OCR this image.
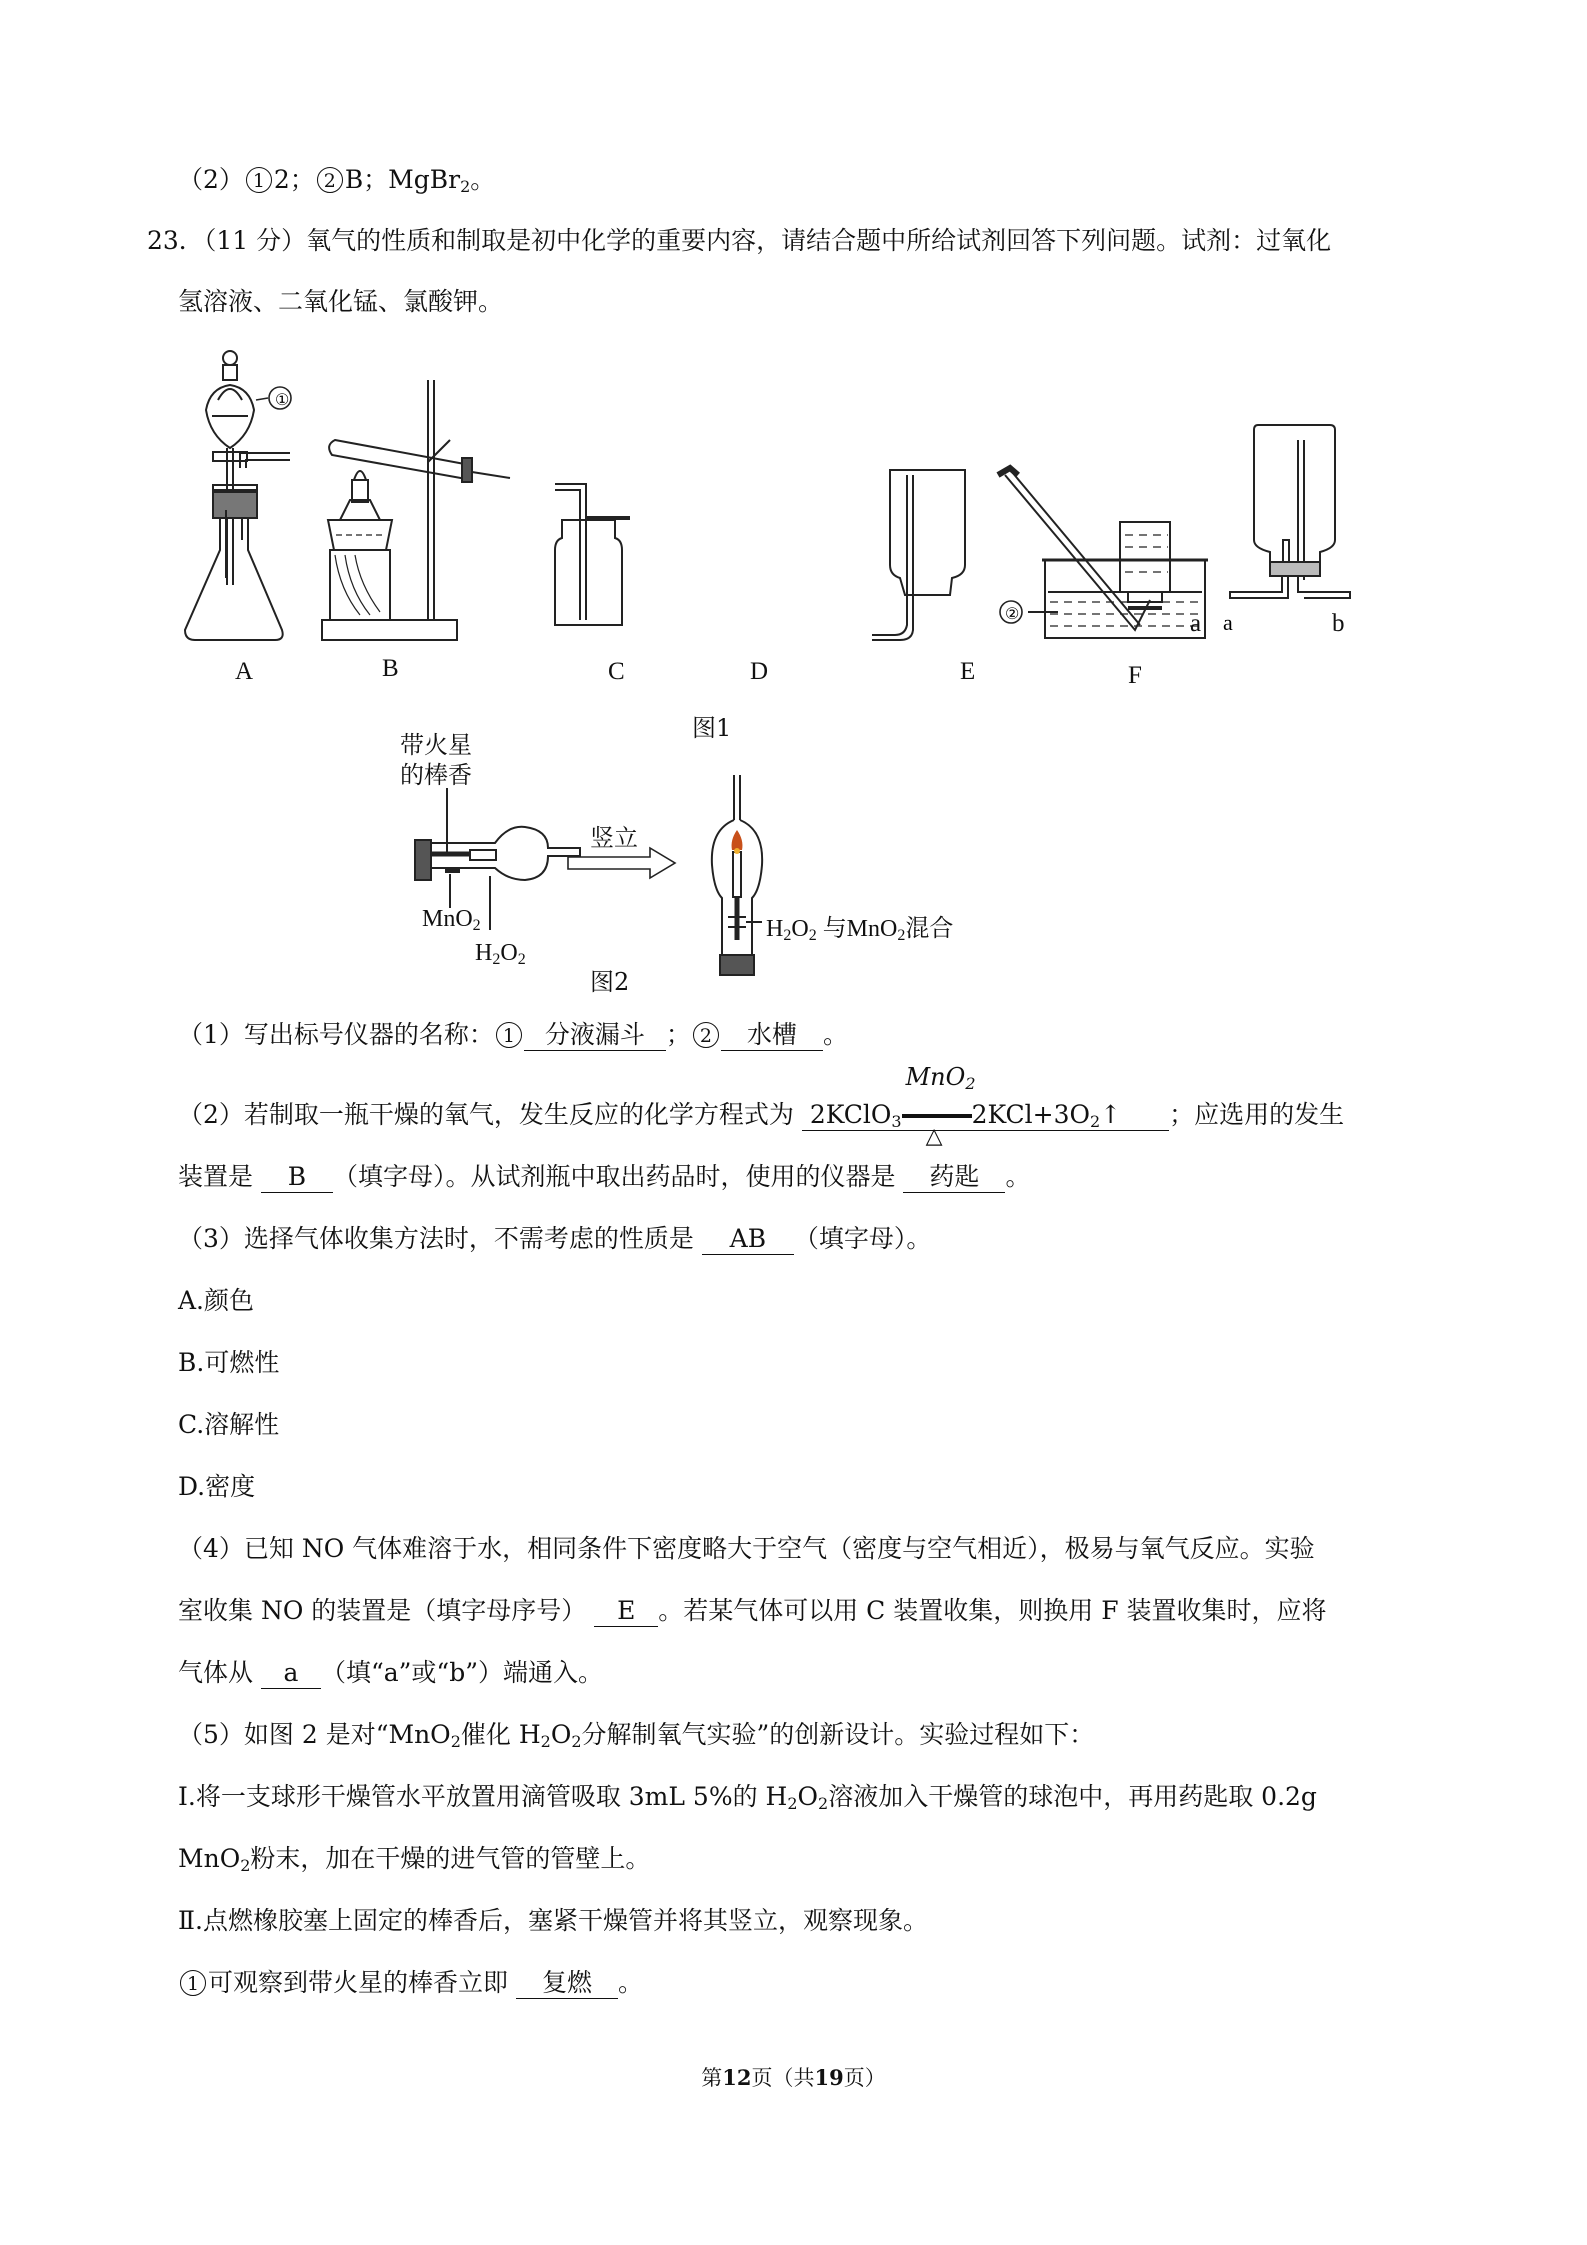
（2） 1 2； 2 B；MgBr$_2$。
23．（11 分）氧气的性质和制取是初中化学的重要内容，请结合题中所给试剂回答下列问题。试剂：过氧化
氢溶液、二氧化锰、氯酸钾。
①
②	a
a	b
A	B	C	D	E	F
图1
带火星
的棒香
MnO$_2$
$H_2O_2$
竖立
$H_2O_2$ 与MnO$_2$混合
图2
（1）写出标号仪器的名称： 1 分液漏斗 ； 2 水槽 。
（2）若制取一瓶干燥的氧气，发生反应的化学方程式为 2KClO$_3$
MnO$_2$
△
$2KCl+3O_2↑$ ；应选用的发生
装置是 B （填字母）。从试剂瓶中取出药品时，使用的仪器是 药匙 。
（3）选择气体收集方法时，不需考虑的性质是 AB （填字母）。
A.颜色
B.可燃性
C.溶解性
D.密度
（4）已知 NO 气体难溶于水，相同条件下密度略大于空气（密度与空气相近），极易与氧气反应。实验
室收集 NO 的装置是（填字母序号） E 。若某气体可以用 C 装置收集，则换用 F 装置收集时，应将
气体从 a （填“a”或“b”）端通入。
（5）如图 2 是对“MnO$_2$催化 $H_2O_2$分解制氧气实验”的创新设计。实验过程如下：
Ⅰ.将一支球形干燥管水平放置用滴管吸取 3mL 5%的 $H_2O_2$溶液加入干燥管的球泡中，再用药匙取 0.2g
MnO$_2$粉末，加在干燥的进气管的管壁上。
Ⅱ.点燃橡胶塞上固定的棒香后，塞紧干燥管并将其竖立，观察现象。
1 可观察到带火星的棒香立即 复燃 。
第12页（共19页）
